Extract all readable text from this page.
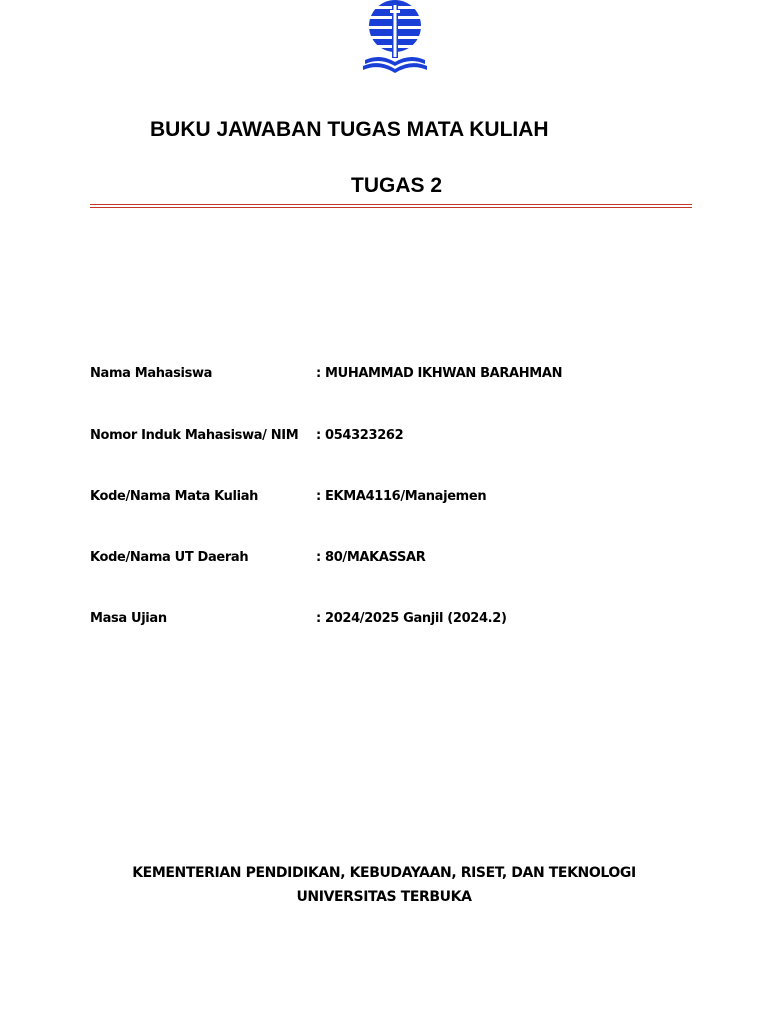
BUKU JAWABAN TUGAS MATA KULIAH
TUGAS 2
Nama Mahasiswa	: MUHAMMAD IKHWAN BARAHMAN
Nomor Induk Mahasiswa/ NIM : 054323262
Kode/Nama Mata Kuliah	: EKMA4116/Manajemen
Kode/Nama UT Daerah	: 80/MAKASSAR
Masa Ujian	: 2024/2025 Ganjil (2024.2)
KEMENTERIAN PENDIDIKAN, KEBUDAYAAN, RISET, DAN TEKNOLOGI
UNIVERSITAS TERBUKA
